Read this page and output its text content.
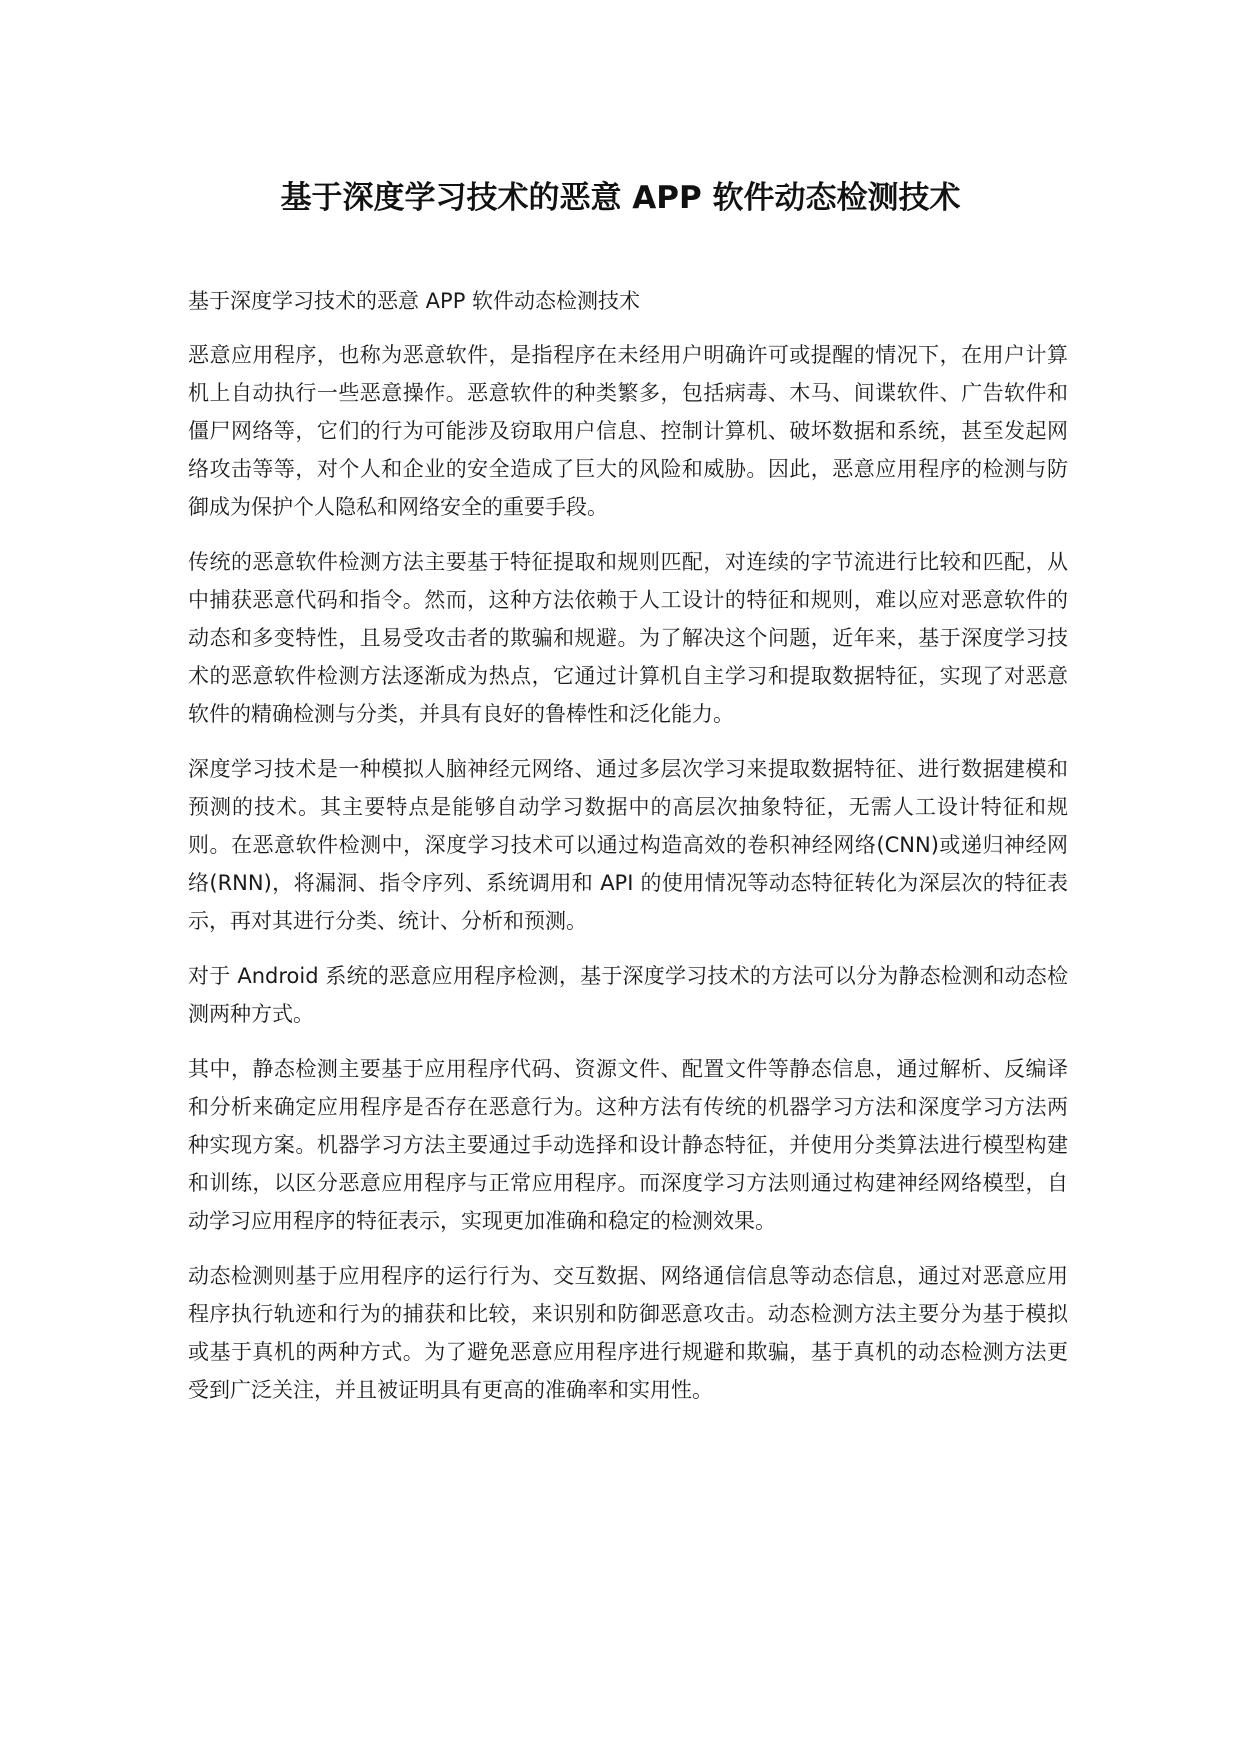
基于深度学习技术的恶意 APP 软件动态检测技术

基于深度学习技术的恶意 APP 软件动态检测技术

恶意应用程序，也称为恶意软件，是指程序在未经用户明确许可或提醒的情况下，在用户计算机上自动执行一些恶意操作。恶意软件的种类繁多，包括病毒、木马、间谍软件、广告软件和僵尸网络等，它们的行为可能涉及窃取用户信息、控制计算机、破坏数据和系统，甚至发起网络攻击等等，对个人和企业的安全造成了巨大的风险和威胁。因此，恶意应用程序的检测与防御成为保护个人隐私和网络安全的重要手段。

传统的恶意软件检测方法主要基于特征提取和规则匹配，对连续的字节流进行比较和匹配，从中捕获恶意代码和指令。然而，这种方法依赖于人工设计的特征和规则，难以应对恶意软件的动态和多变特性，且易受攻击者的欺骗和规避。为了解决这个问题，近年来，基于深度学习技术的恶意软件检测方法逐渐成为热点，它通过计算机自主学习和提取数据特征，实现了对恶意软件的精确检测与分类，并具有良好的鲁棒性和泛化能力。

深度学习技术是一种模拟人脑神经元网络、通过多层次学习来提取数据特征、进行数据建模和预测的技术。其主要特点是能够自动学习数据中的高层次抽象特征，无需人工设计特征和规则。在恶意软件检测中，深度学习技术可以通过构造高效的卷积神经网络(CNN)或递归神经网络(RNN)，将漏洞、指令序列、系统调用和 API 的使用情况等动态特征转化为深层次的特征表示，再对其进行分类、统计、分析和预测。

对于 Android 系统的恶意应用程序检测，基于深度学习技术的方法可以分为静态检测和动态检测两种方式。

其中，静态检测主要基于应用程序代码、资源文件、配置文件等静态信息，通过解析、反编译和分析来确定应用程序是否存在恶意行为。这种方法有传统的机器学习方法和深度学习方法两种实现方案。机器学习方法主要通过手动选择和设计静态特征，并使用分类算法进行模型构建和训练，以区分恶意应用程序与正常应用程序。而深度学习方法则通过构建神经网络模型，自动学习应用程序的特征表示，实现更加准确和稳定的检测效果。

动态检测则基于应用程序的运行行为、交互数据、网络通信信息等动态信息，通过对恶意应用程序执行轨迹和行为的捕获和比较，来识别和防御恶意攻击。动态检测方法主要分为基于模拟或基于真机的两种方式。为了避免恶意应用程序进行规避和欺骗，基于真机的动态检测方法更受到广泛关注，并且被证明具有更高的准确率和实用性。
